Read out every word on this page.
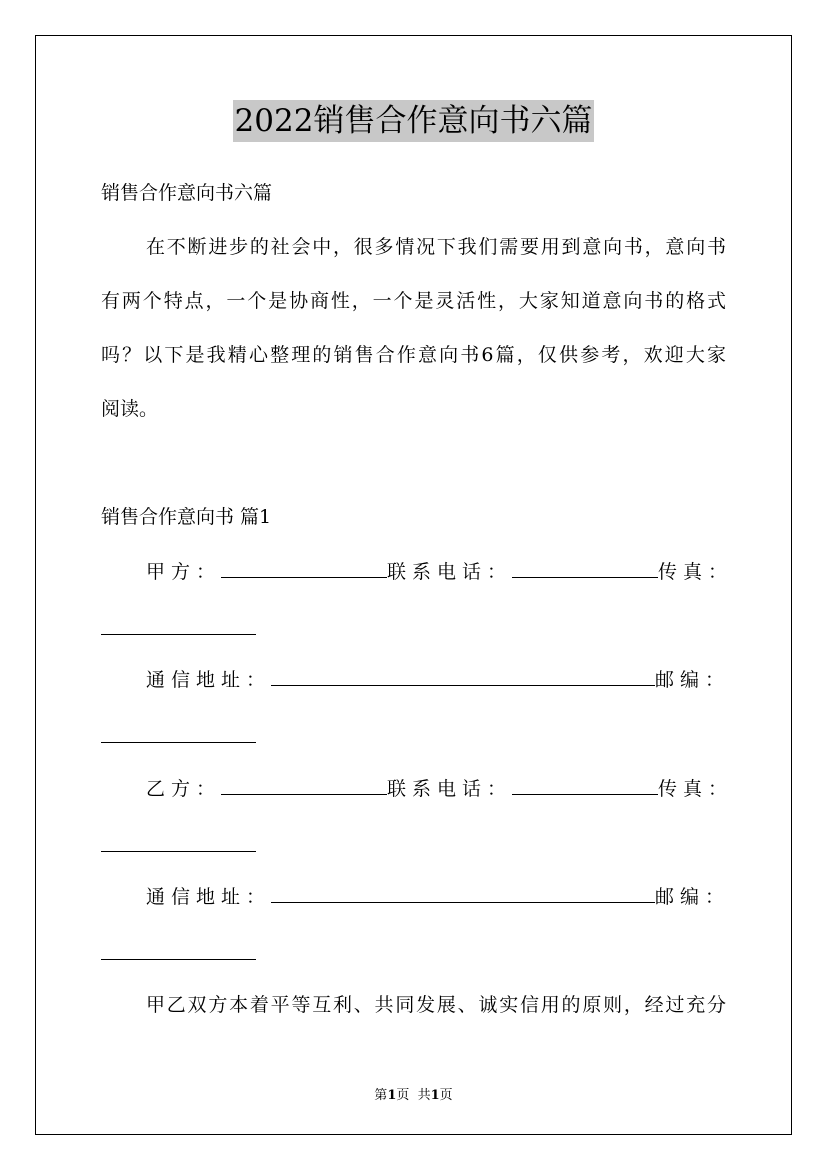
2022销售合作意向书六篇
销售合作意向书六篇
在不断进步的社会中，很多情况下我们需要用到意向书，意向书
有两个特点，一个是协商性，一个是灵活性，大家知道意向书的格式
吗？以下是我精心整理的销售合作意向书6篇，仅供参考，欢迎大家
阅读。
销售合作意向书 篇1
甲方：	联系电话：	传真：
通信地址：	邮编：
乙方：	联系电话：	传真：
通信地址：	邮编：
甲乙双方本着平等互利、共同发展、诚实信用的原则，经过充分
第1页  共1页
